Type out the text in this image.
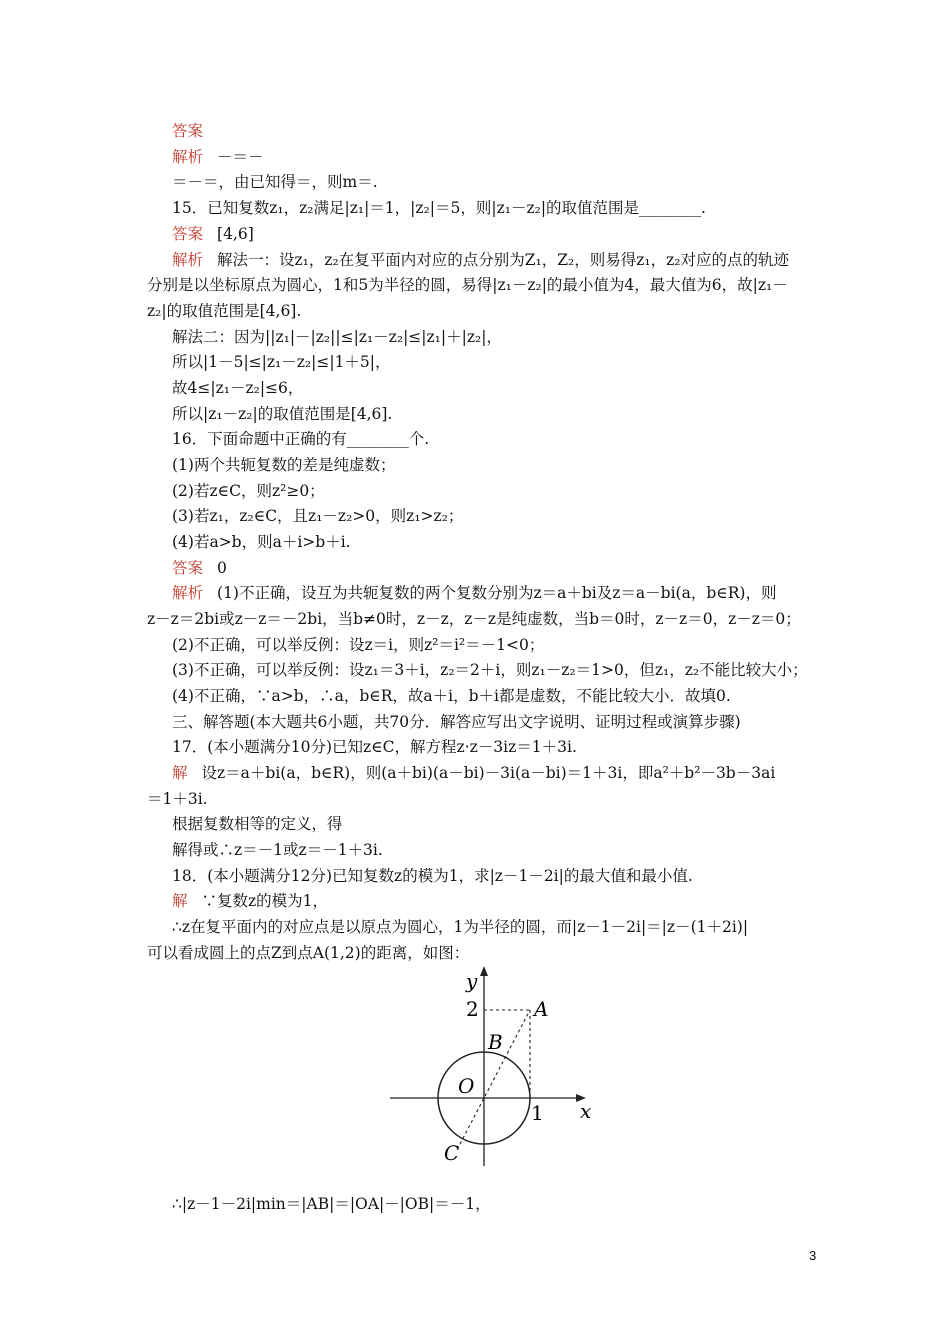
答案
解析 －＝－
＝－＝，由已知得＝，则m＝.
15．已知复数z₁，z₂满足|z₁|＝1，|z₂|＝5，则|z₁－z₂|的取值范围是________.
答案 [4,6]
解析 解法一：设z₁，z₂在复平面内对应的点分别为Z₁，Z₂，则易得z₁，z₂对应的点的轨迹
分别是以坐标原点为圆心，1和5为半径的圆，易得|z₁－z₂|的最小值为4，最大值为6，故|z₁－
z₂|的取值范围是[4,6].
解法二：因为||z₁|－|z₂||≤|z₁－z₂|≤|z₁|＋|z₂|，
所以|1－5|≤|z₁－z₂|≤|1＋5|，
故4≤|z₁－z₂|≤6，
所以|z₁－z₂|的取值范围是[4,6].
16．下面命题中正确的有________个.
(1)两个共轭复数的差是纯虚数；
(2)若z∈C，则z²≥0；
(3)若z₁，z₂∈C，且z₁－z₂>0，则z₁>z₂；
(4)若a>b，则a＋i>b＋i.
答案 0
解析 (1)不正确，设互为共轭复数的两个复数分别为z＝a＋bi及z＝a－bi(a，b∈R)，则
z－z＝2bi或z－z＝－2bi，当b≠0时，z－z，z－z是纯虚数，当b＝0时，z－z＝0，z－z＝0；
(2)不正确，可以举反例：设z＝i，则z²＝i²＝－1<0；
(3)不正确，可以举反例：设z₁＝3＋i，z₂＝2＋i，则z₁－z₂＝1>0，但z₁，z₂不能比较大小；
(4)不正确，∵a>b，∴a，b∈R，故a＋i，b＋i都是虚数，不能比较大小．故填0.
三、解答题(本大题共6小题，共70分．解答应写出文字说明、证明过程或演算步骤)
17．(本小题满分10分)已知z∈C，解方程z·z－3iz＝1＋3i.
解 设z＝a＋bi(a，b∈R)，则(a＋bi)(a－bi)－3i(a－bi)＝1＋3i，即a²＋b²－3b－3ai
＝1＋3i.
根据复数相等的定义，得
解得或∴z＝－1或z＝－1＋3i.
18．(本小题满分12分)已知复数z的模为1，求|z－1－2i|的最大值和最小值.
解 ∵复数z的模为1，
∴z在复平面内的对应点是以原点为圆心，1为半径的圆，而|z－1－2i|＝|z－(1＋2i)|
可以看成圆上的点Z到点A(1,2)的距离，如图：
∴|z－1－2i|min＝|AB|＝|OA|－|OB|＝－1，
y
x
2
1
A
B
O
C
3
